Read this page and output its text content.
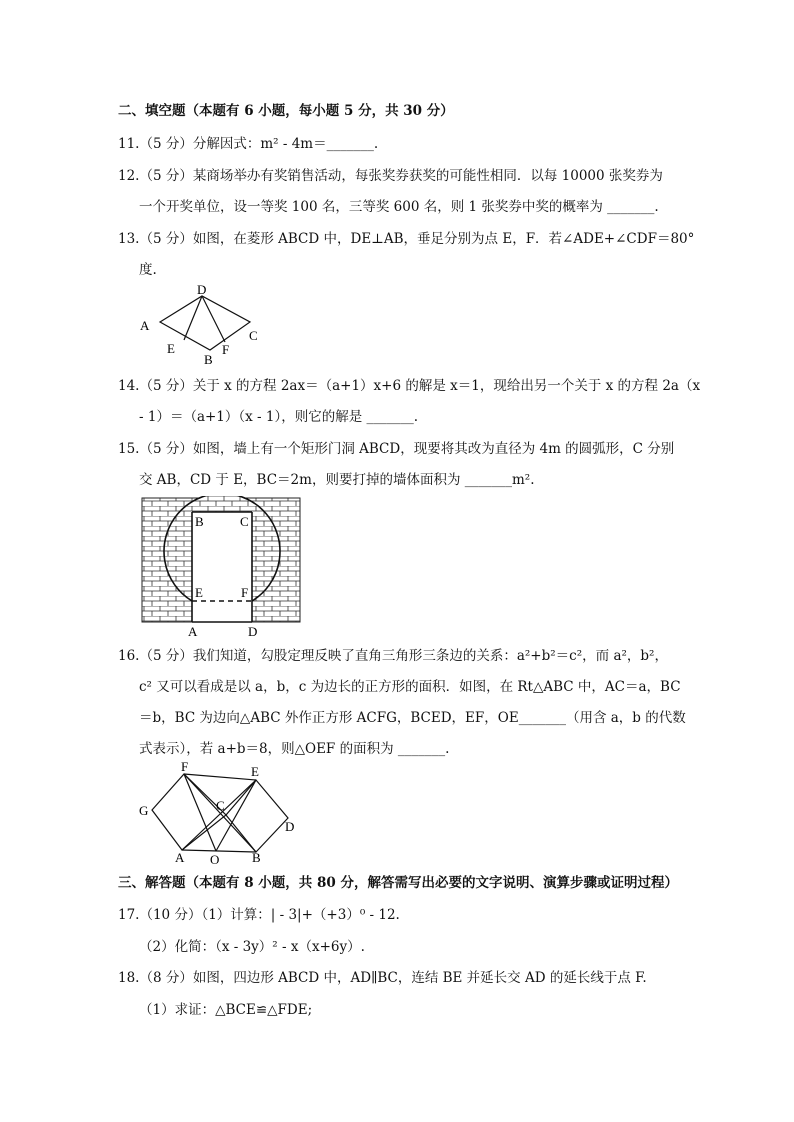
二、填空题（本题有 6 小题，每小题 5 分，共 30 分）
11.（5 分）分解因式：m² - 4m＝_______.
12.（5 分）某商场举办有奖销售活动，每张奖券获奖的可能性相同．以每 10000 张奖券为
一个开奖单位，设一等奖 100 名，三等奖 600 名，则 1 张奖券中奖的概率为 _______.
13.（5 分）如图，在菱形 ABCD 中，DE⊥AB，垂足分别为点 E，F．若∠ADE+∠CDF＝80°
度.
D
A
C
E
B
F
14.（5 分）关于 x 的方程 2ax＝（a+1）x+6 的解是 x＝1，现给出另一个关于 x 的方程 2a（x
- 1）＝（a+1）（x - 1），则它的解是 _______.
15.（5 分）如图，墙上有一个矩形门洞 ABCD，现要将其改为直径为 4m 的圆弧形，C 分别
交 AB，CD 于 E，BC＝2m，则要打掉的墙体面积为 _______m².
B	C
E	F
A	D
16.（5 分）我们知道，勾股定理反映了直角三角形三条边的关系：a²+b²＝c²，而 a²，b²，
c² 又可以看成是以 a，b，c 为边长的正方形的面积．如图，在 Rt△ABC 中，AC＝a，BC
＝b，BC 为边向△ABC 外作正方形 ACFG，BCED，EF，OE_______（用含 a，b 的代数
式表示），若 a+b＝8，则△OEF 的面积为 _______.
F	E
G	C
D
A O	B
三、解答题（本题有 8 小题，共 80 分，解答需写出必要的文字说明、演算步骤或证明过程）
17.（10 分）（1）计算：| - 3|+（+3）⁰ - 12.
（2）化简：（x - 3y）² - x（x+6y）.
18.（8 分）如图，四边形 ABCD 中，AD∥BC，连结 BE 并延长交 AD 的延长线于点 F.
（1）求证：△BCE≌△FDE;
